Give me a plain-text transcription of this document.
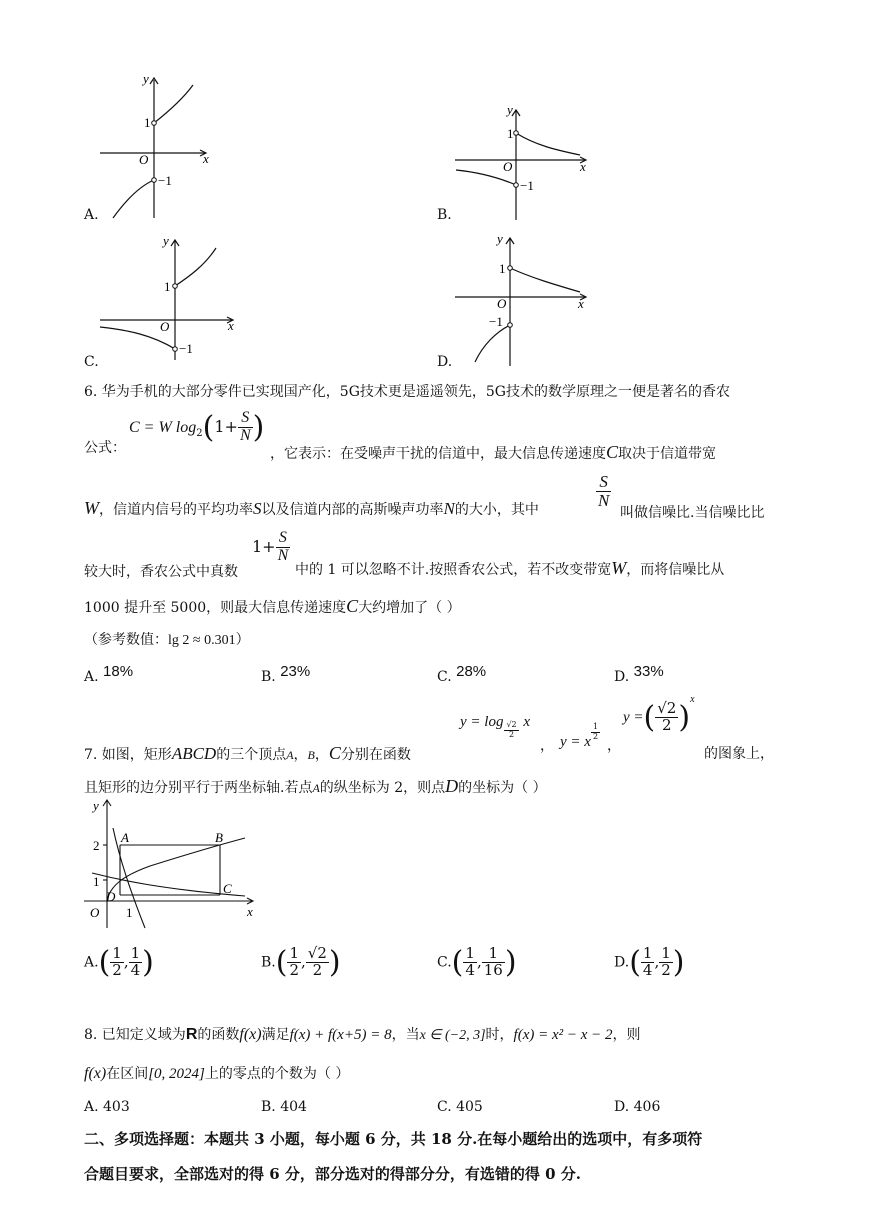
y
x
O
1
−1
y
x
O
1
−1
y
x
O
1
−1
y
x
O
1
−1
A.	B.
C.	D.
6. 华为手机的大部分零件已实现国产化，5G技术更是遥遥领先，5G技术的数学原理之一便是著名的香农
公式：
C = W $\log_2(1+ \frac{S}{N}$ )
，它表示：在受噪声干扰的信道中，最大信息传递速度C取决于信道带宽
W，信道内信号的平均功率S以及信道内部的高斯噪声功率N的大小，其中
$\frac{S}{N}$
叫做信噪比.当信噪比比
较大时，香农公式中真数
$1+ \frac{S}{N}$
中的 1 可以忽略不计.按照香农公式，若不改变带宽W，而将信噪比从
1000 提升至 5000，则最大信息传递速度C大约增加了（ ）
（参考数值：lg 2 ≈ 0.301）
A. 18%	B. 23%	C. 28%	D. 33%
$y = \log \frac{√2}{2}$ x
， y = x
$\frac{1}{2}$
，
y =( $\frac{√2}{2} )^x$
7. 如图，矩形ABCD的三个顶点A，B，C分别在函数	的图象上，
且矩形的边分别平行于两坐标轴.若点A的纵坐标为 2，则点D的坐标为（ ）
y
x
O
2
1
1
A	B
C
D
$A.( \frac{1}{2}$ , $\frac{1}{4}$ )	$B.( \frac{1}{2}$ , $\frac{√2}{2}$ )	$C.( \frac{1}{4}$ , $\frac{1}{16}$ )	$D.( \frac{1}{4}$ , $\frac{1}{2}$ )
8. 已知定义域为R的函数f(x)满足f(x) + f(x+5) = 8，当x ∈ (−2, 3]时，f(x) = x² − x − 2，则
f(x)在区间[0, 2024]上的零点的个数为（ ）
A. 403	B. 404	C. 405	D. 406
二、多项选择题：本题共 3 小题，每小题 6 分，共 18 分.在每小题给出的选项中，有多项符
合题目要求，全部选对的得 6 分，部分选对的得部分分，有选错的得 0 分.
